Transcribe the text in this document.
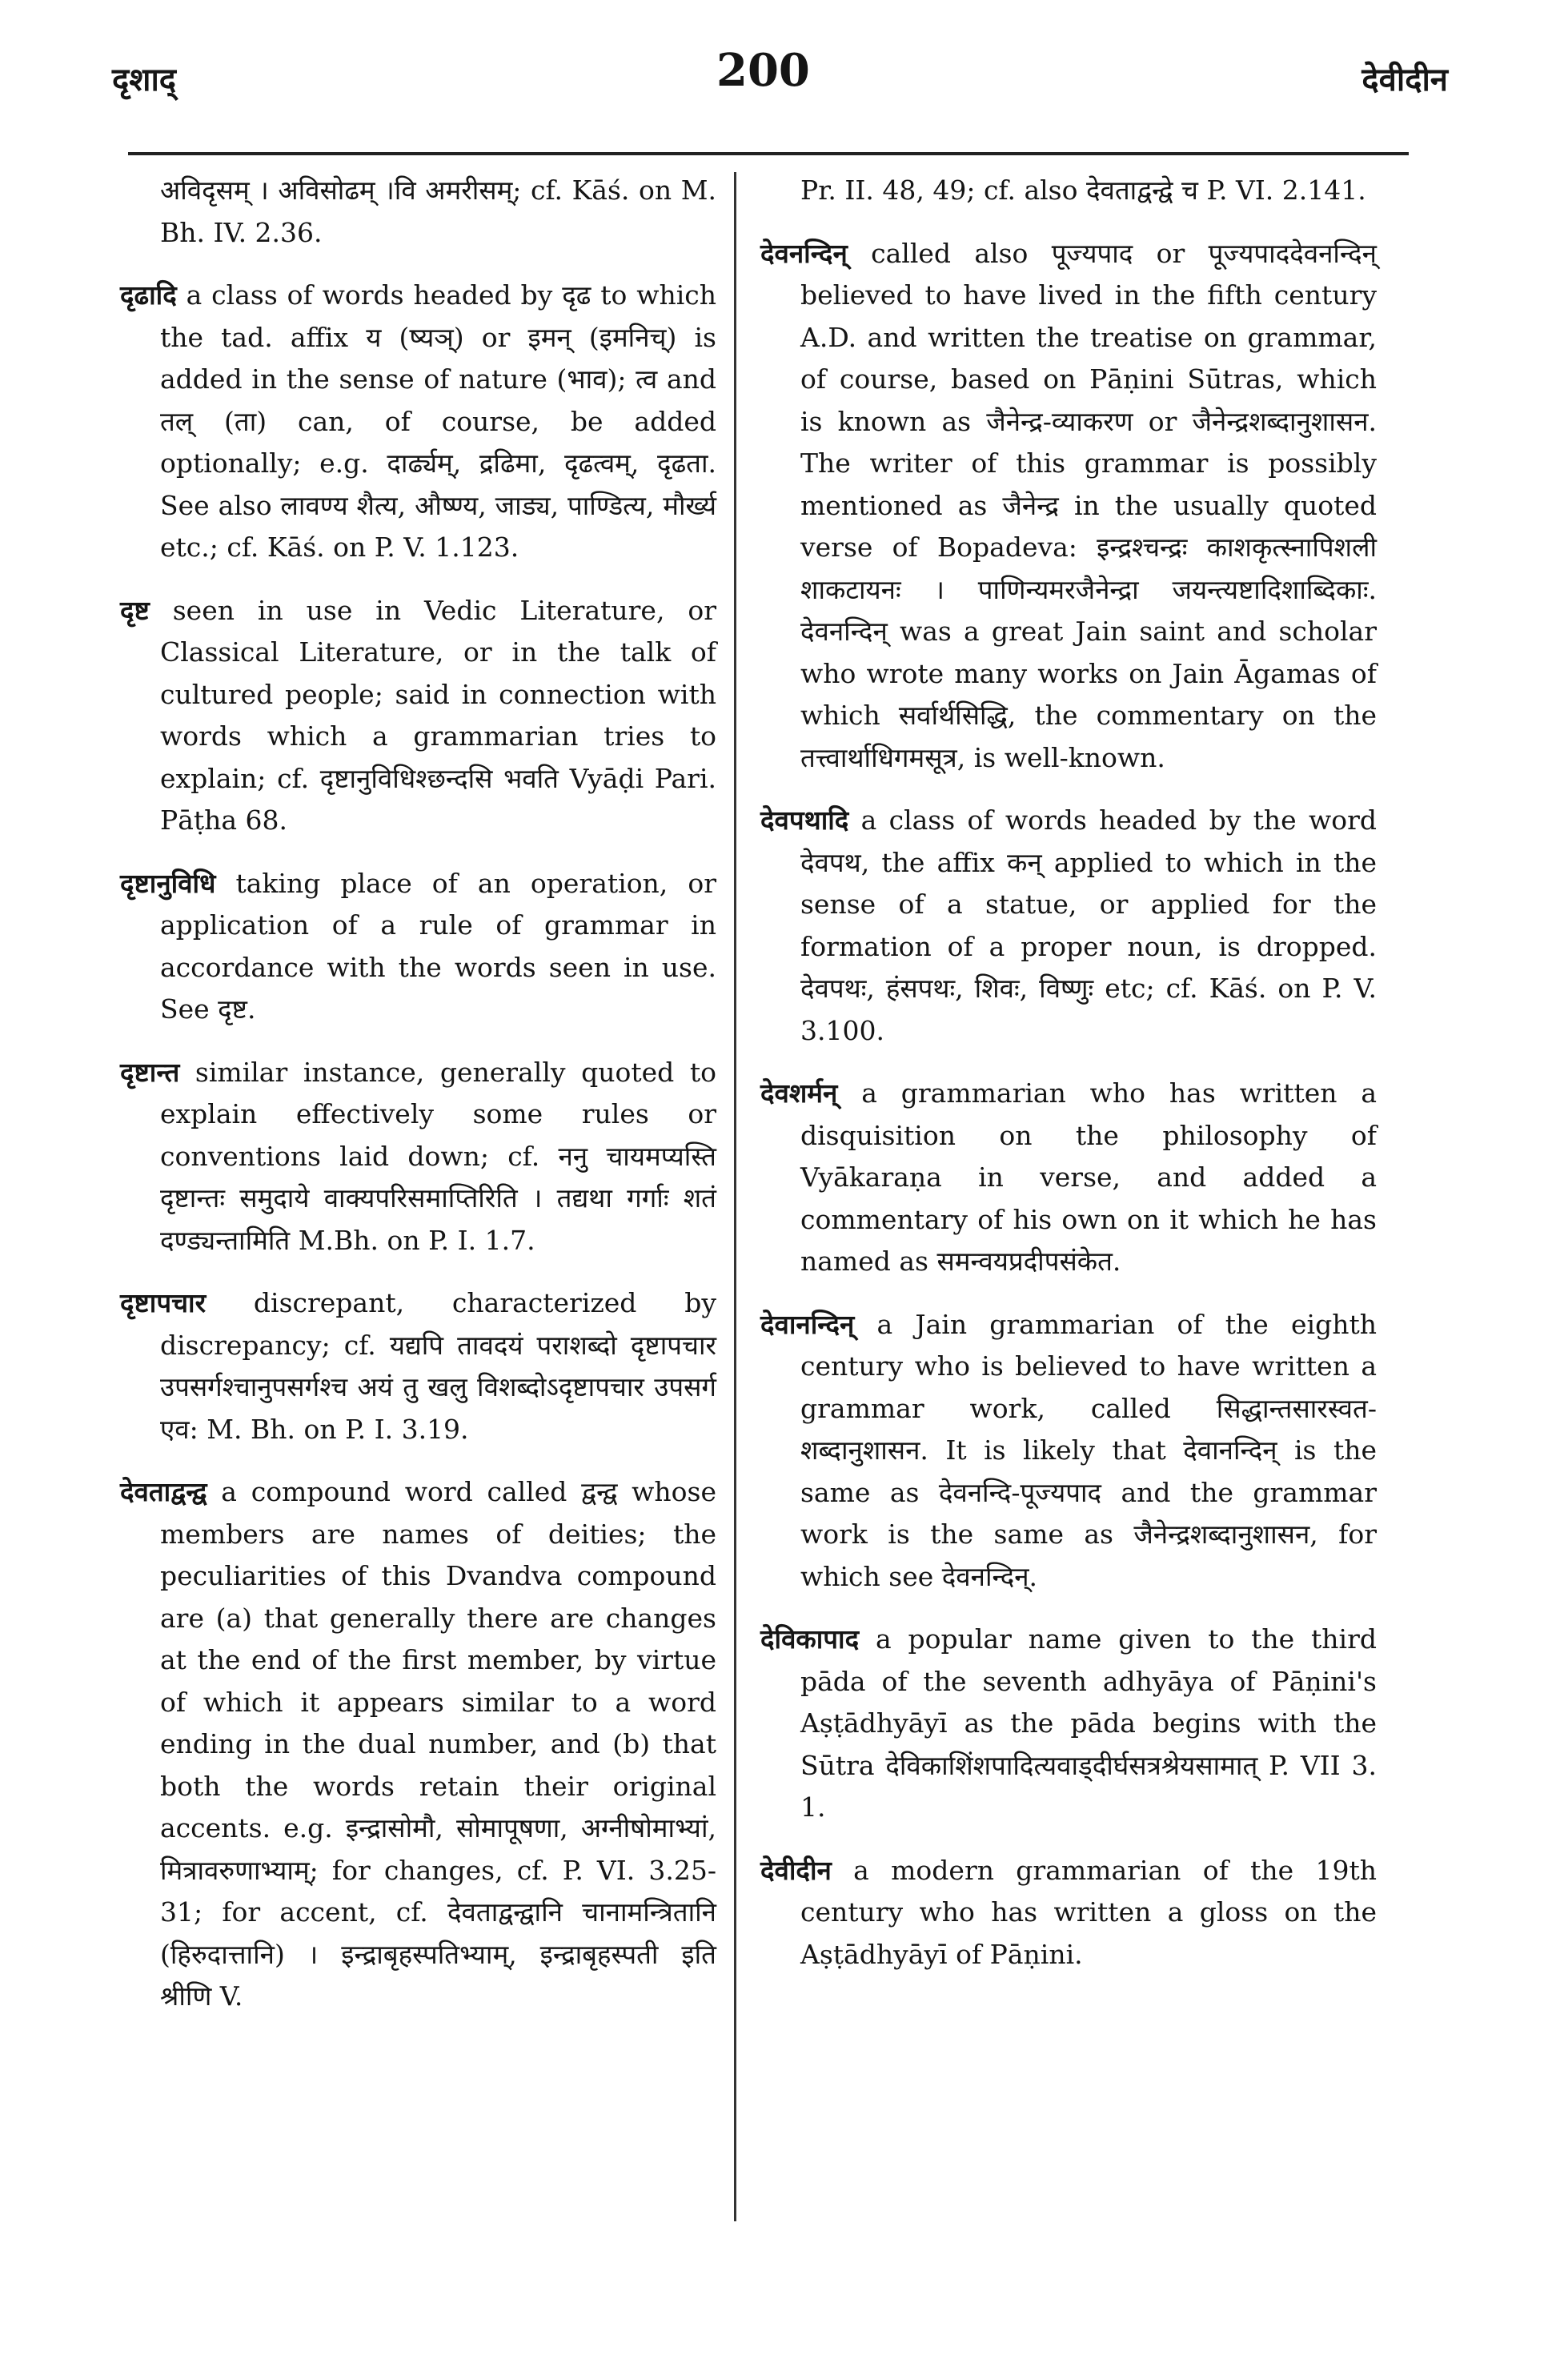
दृशाद्	200	देवीदीन

अविदृसम् । अविसोढम् ।वि अमरीसम्; cf. Kāś. on M. Bh. IV. 2.36.

दृढादि a class of words headed by दृढ to which the tad. affix य (ष्यञ्) or इमन् (इमनिच्) is added in the sense of nature (भाव); त्व and तल् (ता) can, of course, be added optionally; e.g. दार्ढ्यम्, द्रढिमा, दृढत्वम्, दृढता. See also लावण्य शैत्य, औष्ण्य, जाड्य, पाण्डित्य, मौर्ख्य etc.; cf. Kāś. on P. V. 1.123.

दृष्ट seen in use in Vedic Literature, or Classical Literature, or in the talk of cultured people; said in connection with words which a grammarian tries to explain; cf. दृष्टानुविधिश्छन्दसि भवति Vyāḍi Pari. Pāṭha 68.

दृष्टानुविधि taking place of an operation, or application of a rule of grammar in accordance with the words seen in use. See दृष्ट.

दृष्टान्त similar instance, generally quoted to explain effectively some rules or conventions laid down; cf. ननु चायमप्यस्ति दृष्टान्तः समुदाये वाक्यपरिसमाप्तिरिति । तद्यथा गर्गाः शतं दण्ड्यन्तामिति M.Bh. on P. I. 1.7.

दृष्टापचार discrepant, characterized by discrepancy; cf. यद्यपि तावदयं पराशब्दो दृष्टापचार उपसर्गश्चानुपसर्गश्च अयं तु खलु विशब्दोऽदृष्टापचार उपसर्ग एव: M. Bh. on P. I. 3.19.

देवताद्वन्द्व a compound word called द्वन्द्व whose members are names of deities; the peculiarities of this Dvandva compound are (a) that generally there are changes at the end of the first member, by virtue of which it appears similar to a word ending in the dual number, and (b) that both the words retain their original accents. e.g. इन्द्रासोमौ, सोमापूषणा, अग्नीषोमाभ्यां, मित्रावरुणाभ्याम्; for changes, cf. P. VI. 3.25-31; for accent, cf. देवताद्वन्द्वानि चानामन्त्रितानि (हिरुदात्तानि) । इन्द्राबृहस्पतिभ्याम्, इन्द्राबृहस्पती इति श्रीणि V.

Pr. II. 48, 49; cf. also देवताद्वन्द्वे च P. VI. 2.141.

देवनन्दिन् called also पूज्यपाद or पूज्यपाददेवनन्दिन् believed to have lived in the fifth century A.D. and written the treatise on grammar, of course, based on Pāṇini Sūtras, which is known as जैनेन्द्र-व्याकरण or जैनेन्द्रशब्दानुशासन. The writer of this grammar is possibly mentioned as जैनेन्द्र in the usually quoted verse of Bopadeva: इन्द्रश्चन्द्रः काशकृत्स्नापिशली शाकटायनः । पाणिन्यमरजैनेन्द्रा जयन्त्यष्टादिशाब्दिकाः. देवनन्दिन् was a great Jain saint and scholar who wrote many works on Jain Āgamas of which सर्वार्थसिद्धि, the commentary on the तत्त्वार्थाधिगमसूत्र, is well-known.

देवपथादि a class of words headed by the word देवपथ, the affix कन् applied to which in the sense of a statue, or applied for the formation of a proper noun, is dropped. देवपथः, हंसपथः, शिवः, विष्णुः etc; cf. Kāś. on P. V. 3.100.

देवशर्मन् a grammarian who has written a disquisition on the philosophy of Vyākaraṇa in verse, and added a commentary of his own on it which he has named as समन्वयप्रदीपसंकेत.

देवानन्दिन् a Jain grammarian of the eighth century who is believed to have written a grammar work, called सिद्धान्तसारस्वत-शब्दानुशासन. It is likely that देवानन्दिन् is the same as देवनन्दि-पूज्यपाद and the grammar work is the same as जैनेन्द्रशब्दानुशासन, for which see देवनन्दिन्.

देविकापाद a popular name given to the third pāda of the seventh adhyāya of Pāṇini's Aṣṭādhyāyī as the pāda begins with the Sūtra देविकाशिंशपादित्यवाड्दीर्घसत्रश्रेयसामात् P. VII 3. 1.

देवीदीन a modern grammarian of the 19th century who has written a gloss on the Aṣṭādhyāyī of Pāṇini.
